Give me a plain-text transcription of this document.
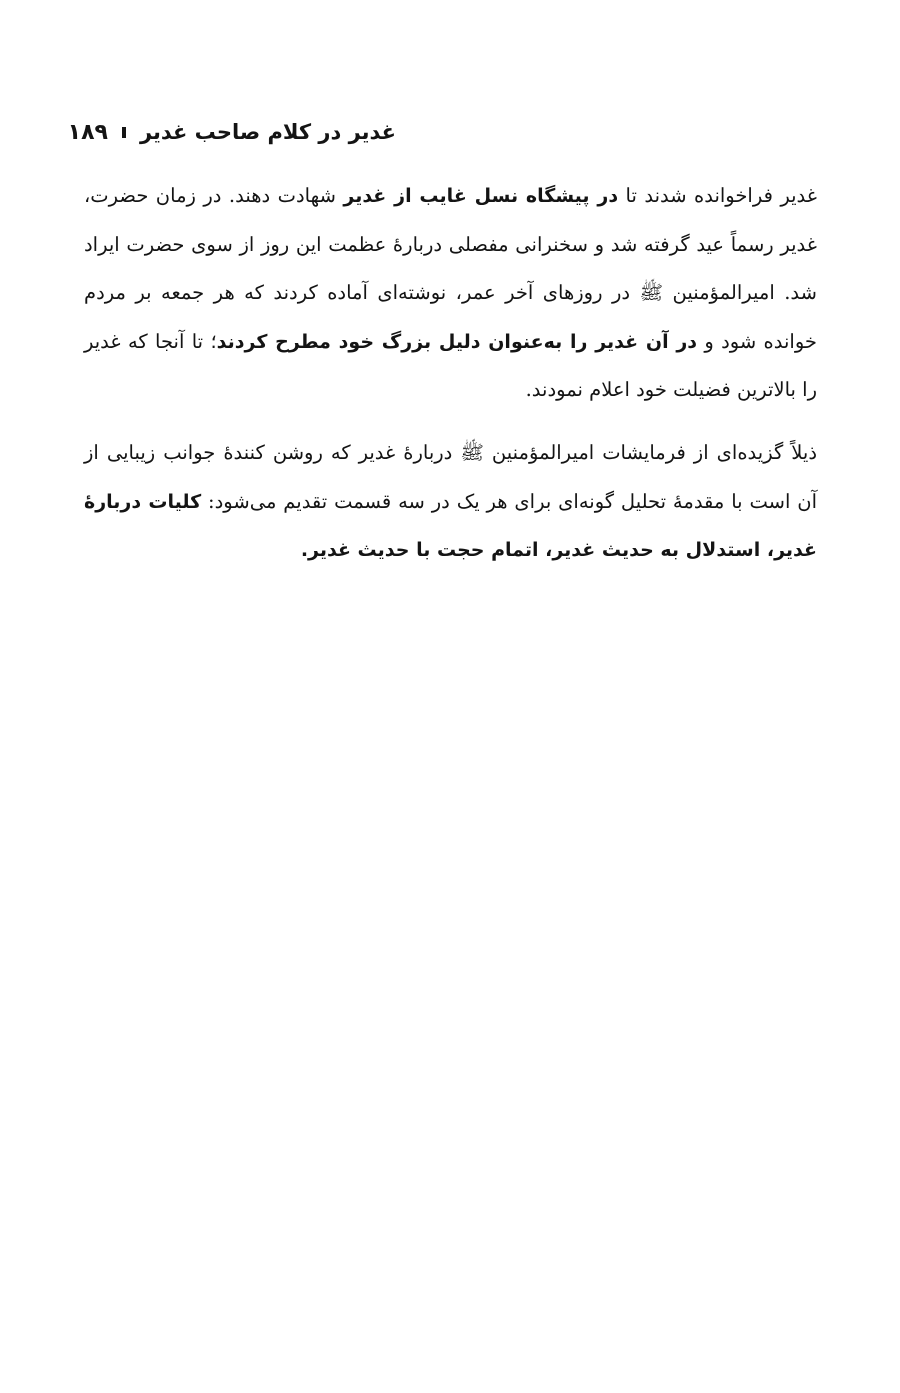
۱۸۹ غدیر در کلام صاحب غدیر

غدیر فراخوانده شدند تا در پیشگاه نسل غایب از غدیر شهادت دهند. در زمان حضرت، غدیر رسماً عید گرفته شد و سخنرانی مفصلی دربارهٔ عظمت این روز از سوی حضرت ایراد شد. امیرالمؤمنین ﷺ در روزهای آخر عمر، نوشته‌ای آماده کردند که هر جمعه بر مردم خوانده شود و در آن غدیر را به‌عنوان دلیل بزرگ خود مطرح کردند؛ تا آنجا که غدیر را بالاترین فضیلت خود اعلام نمودند.

ذیلاً گزیده‌ای از فرمایشات امیرالمؤمنین ﷺ دربارهٔ غدیر که روشن کنندهٔ جوانب زیبایی از آن است با مقدمهٔ تحلیل گونه‌ای برای هر یک در سه قسمت تقدیم می‌شود: کلیات دربارهٔ غدیر، استدلال به حدیث غدیر، اتمام حجت با حدیث غدیر.
